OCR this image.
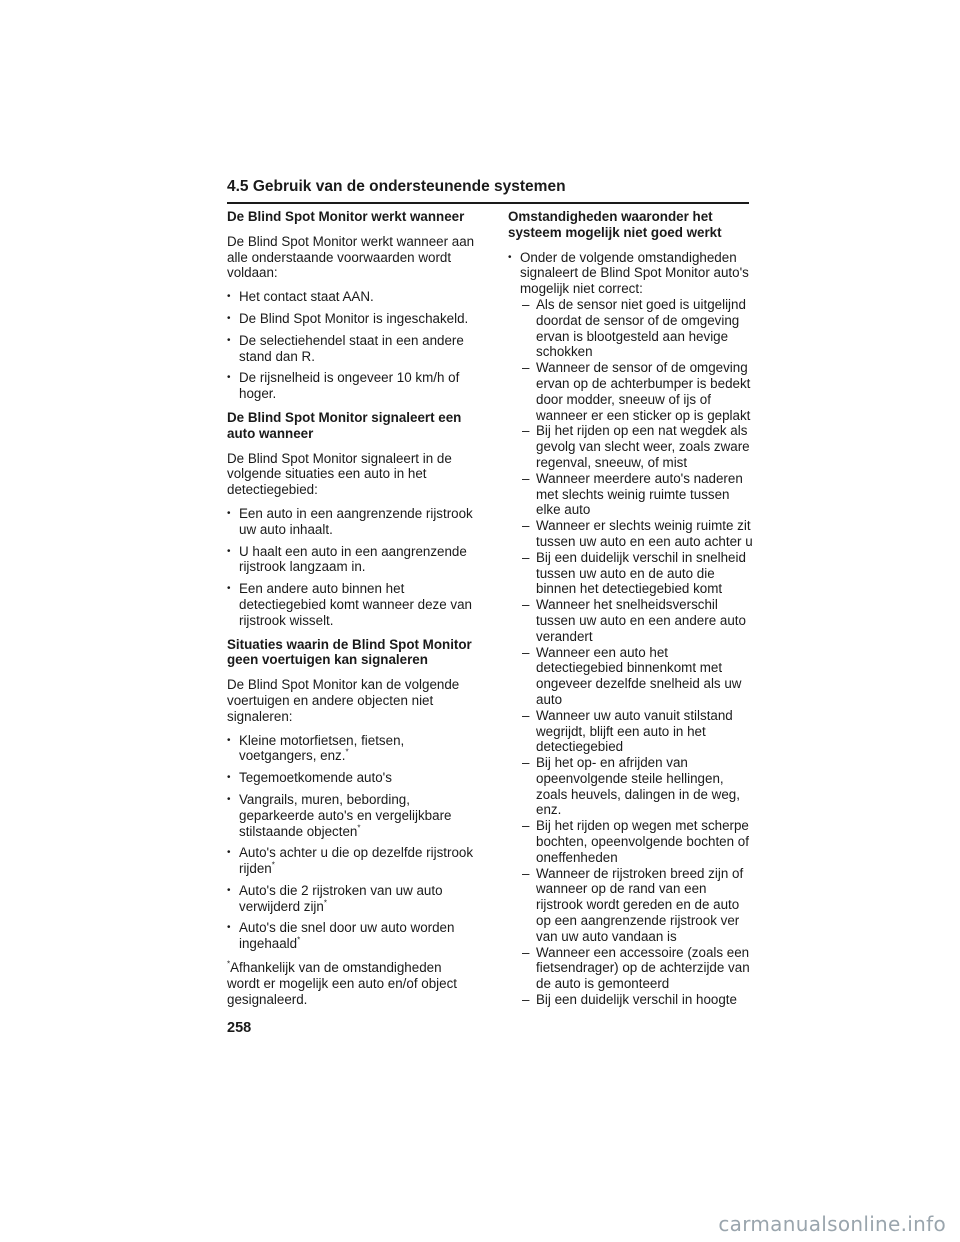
4.5 Gebruik van de ondersteunende systemen
De Blind Spot Monitor werkt wanneer
De Blind Spot Monitor werkt wanneer aan alle onderstaande voorwaarden wordt voldaan:
• Het contact staat AAN.
• De Blind Spot Monitor is ingeschakeld.
• De selectiehendel staat in een andere stand dan R.
• De rijsnelheid is ongeveer 10 km/h of hoger.
De Blind Spot Monitor signaleert een auto wanneer
De Blind Spot Monitor signaleert in de volgende situaties een auto in het detectiegebied:
• Een auto in een aangrenzende rijstrook uw auto inhaalt.
• U haalt een auto in een aangrenzende rijstrook langzaam in.
• Een andere auto binnen het detectiegebied komt wanneer deze van rijstrook wisselt.
Situaties waarin de Blind Spot Monitor geen voertuigen kan signaleren
De Blind Spot Monitor kan de volgende voertuigen en andere objecten niet signaleren:
• Kleine motorfietsen, fietsen, voetgangers, enz.*
• Tegemoetkomende auto's
• Vangrails, muren, bebording, geparkeerde auto's en vergelijkbare stilstaande objecten*
• Auto's achter u die op dezelfde rijstrook rijden*
• Auto's die 2 rijstroken van uw auto verwijderd zijn*
• Auto's die snel door uw auto worden ingehaald*
*Afhankelijk van de omstandigheden wordt er mogelijk een auto en/of object gesignaleerd.
Omstandigheden waaronder het systeem mogelijk niet goed werkt
• Onder de volgende omstandigheden signaleert de Blind Spot Monitor auto's mogelijk niet correct:
– Als de sensor niet goed is uitgelijnd doordat de sensor of de omgeving ervan is blootgesteld aan hevige schokken
– Wanneer de sensor of de omgeving ervan op de achterbumper is bedekt door modder, sneeuw of ijs of wanneer er een sticker op is geplakt
– Bij het rijden op een nat wegdek als gevolg van slecht weer, zoals zware regenval, sneeuw, of mist
– Wanneer meerdere auto's naderen met slechts weinig ruimte tussen elke auto
– Wanneer er slechts weinig ruimte zit tussen uw auto en een auto achter u
– Bij een duidelijk verschil in snelheid tussen uw auto en de auto die binnen het detectiegebied komt
– Wanneer het snelheidsverschil tussen uw auto en een andere auto verandert
– Wanneer een auto het detectiegebied binnenkomt met ongeveer dezelfde snelheid als uw auto
– Wanneer uw auto vanuit stilstand wegrijdt, blijft een auto in het detectiegebied
– Bij het op- en afrijden van opeenvolgende steile hellingen, zoals heuvels, dalingen in de weg, enz.
– Bij het rijden op wegen met scherpe bochten, opeenvolgende bochten of oneffenheden
– Wanneer de rijstroken breed zijn of wanneer op de rand van een rijstrook wordt gereden en de auto op een aangrenzende rijstrook ver van uw auto vandaan is
– Wanneer een accessoire (zoals een fietsendrager) op de achterzijde van de auto is gemonteerd
– Bij een duidelijk verschil in hoogte
258
carmanualsonline.info
